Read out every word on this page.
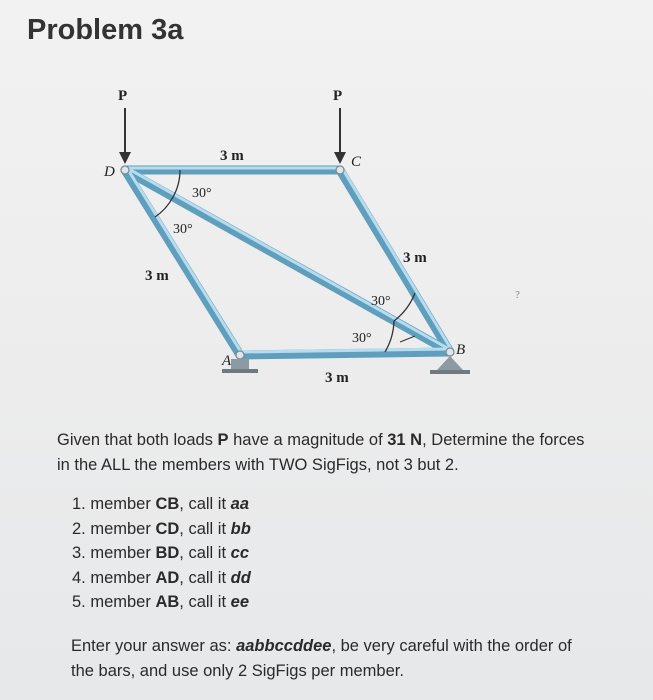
Problem 3a
P	P
D
C
A
B
3 m
3 m
3 m
3 m
30°
30°
30°
30°
?

Given that both loads P have a magnitude of 31 N, Determine the forces in the ALL the members with TWO SigFigs, not 3 but 2.

1. member CB, call it aa
2. member CD, call it bb
3. member BD, call it cc
4. member AD, call it dd
5. member AB, call it ee

Enter your answer as: aabbccddee, be very careful with the order of the bars, and use only 2 SigFigs per member.
